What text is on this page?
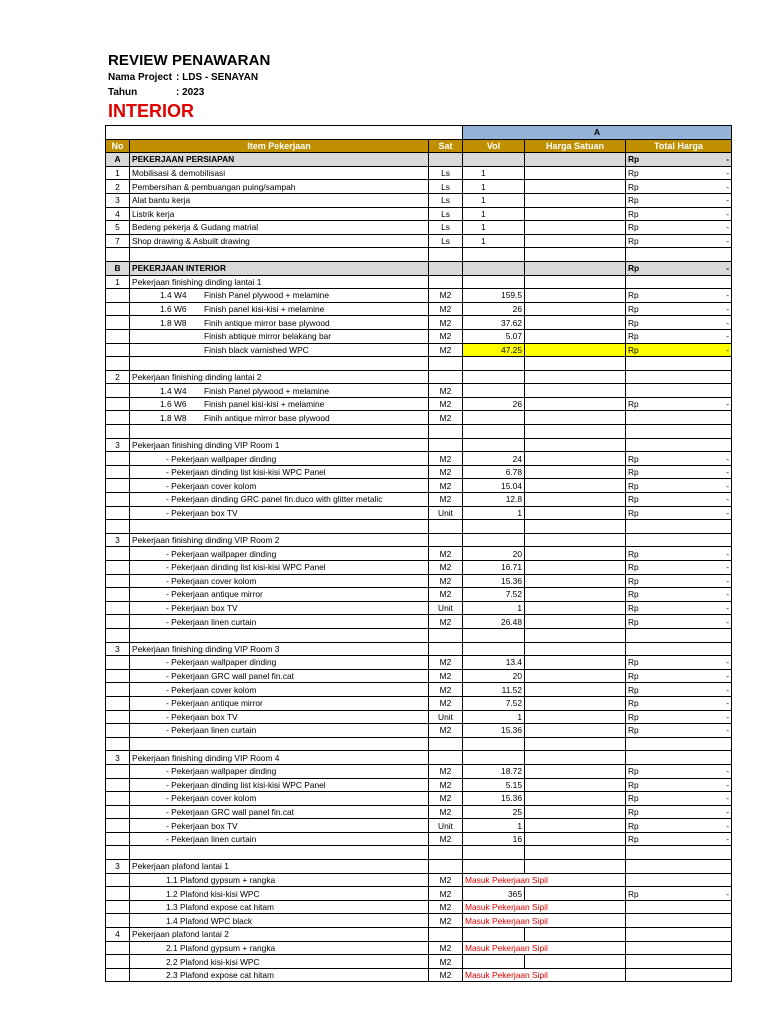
REVIEW PENAWARAN
Nama Project : LDS - SENAYAN
Tahun	: 2023
INTERIOR
			A		
No	Item Pekerjaan	Sat	Vol	Harga Satuan	Total Harga
A	PEKERJAAN PERSIAPAN				Rp -

1	Mobilisasi & demobilisasi	Ls	1		Rp -

2	Pembersihan & pembuangan puing/sampah	Ls	1		Rp -

3	Alat bantu kerja	Ls	1		Rp -

4	Listrik kerja	Ls	1		Rp -

5	Bedeng pekerja & Gudang matrial	Ls	1		Rp -

7	Shop drawing & Asbuilt drawing	Ls	1		Rp -

B	PEKERJAAN INTERIOR				Rp -

1	Pekerjaan finishing dinding lantai 1				
	1.4 W4 Finish Panel plywood + melamine	M2	159.5		Rp -

	1.6 W6 Finish panel kisi-kisi + melamine	M2	26		Rp -

	1.8 W8 Finih antique mirror base plywood	M2	37.62		Rp -

	Finish abtique mirror belakang bar	M2	5.07		Rp -

	Finish black varnished WPC	M2	47.25		Rp -

2	Pekerjaan finishing dinding lantai 2				
	1.4 W4 Finish Panel plywood + melamine	M2			
	1.6 W6 Finish panel kisi-kisi + melamine	M2	26		Rp -

	1.8 W8 Finih antique mirror base plywood	M2			

3	Pekerjaan finishing dinding VIP Room 1				
	- Pekerjaan wallpaper dinding	M2	24		Rp -

	- Pekerjaan dinding list kisi-kisi WPC Panel	M2	6.78		Rp -

	- Pekerjaan cover kolom	M2	15.04		Rp -

	- Pekerjaan dinding GRC panel fin.duco with glitter metalic	M2	12.8		Rp -

	- Pekerjaan box TV	Unit	1		Rp -

3	Pekerjaan finishing dinding VIP Room 2				
	- Pekerjaan wallpaper dinding	M2	20		Rp -

	- Pekerjaan dinding list kisi-kisi WPC Panel	M2	16.71		Rp -

	- Pekerjaan cover kolom	M2	15.36		Rp -

	- Pekerjaan antique mirror	M2	7.52		Rp -

	- Pekerjaan box TV	Unit	1		Rp -

	- Pekerjaan linen curtain	M2	26.48		Rp -

3	Pekerjaan finishing dinding VIP Room 3				
	- Pekerjaan wallpaper dinding	M2	13.4		Rp -

	- Pekerjaan GRC wall panel fin.cat	M2	20		Rp -

	- Pekerjaan cover kolom	M2	11.52		Rp -

	- Pekerjaan antique mirror	M2	7.52		Rp -

	- Pekerjaan box TV	Unit	1		Rp -

	- Pekerjaan linen curtain	M2	15.36		Rp -

3	Pekerjaan finishing dinding VIP Room 4				
	- Pekerjaan wallpaper dinding	M2	18.72		Rp -

	- Pekerjaan dinding list kisi-kisi WPC Panel	M2	5.15		Rp -

	- Pekerjaan cover kolom	M2	15.36		Rp -

	- Pekerjaan GRC wall panel fin.cat	M2	25		Rp -

	- Pekerjaan box TV	Unit	1		Rp -

	- Pekerjaan linen curtain	M2	16		Rp -

3	Pekerjaan plafond lantai 1				
	1.1 Plafond gypsum + rangka	M2	Masuk Pekerjaan Sipil		
	1.2 Plafond kisi-kisi WPC	M2	365		Rp -

	1.3 Plafond expose cat hitam	M2	Masuk Pekerjaan Sipil		
	1.4 Plafond WPC black	M2	Masuk Pekerjaan Sipil		
4	Pekerjaan plafond lantai 2				
	2.1 Plafond gypsum + rangka	M2	Masuk Pekerjaan Sipil		
	2.2 Plafond kisi-kisi WPC	M2			
	2.3 Plafond expose cat hitam	M2	Masuk Pekerjaan Sipil		
